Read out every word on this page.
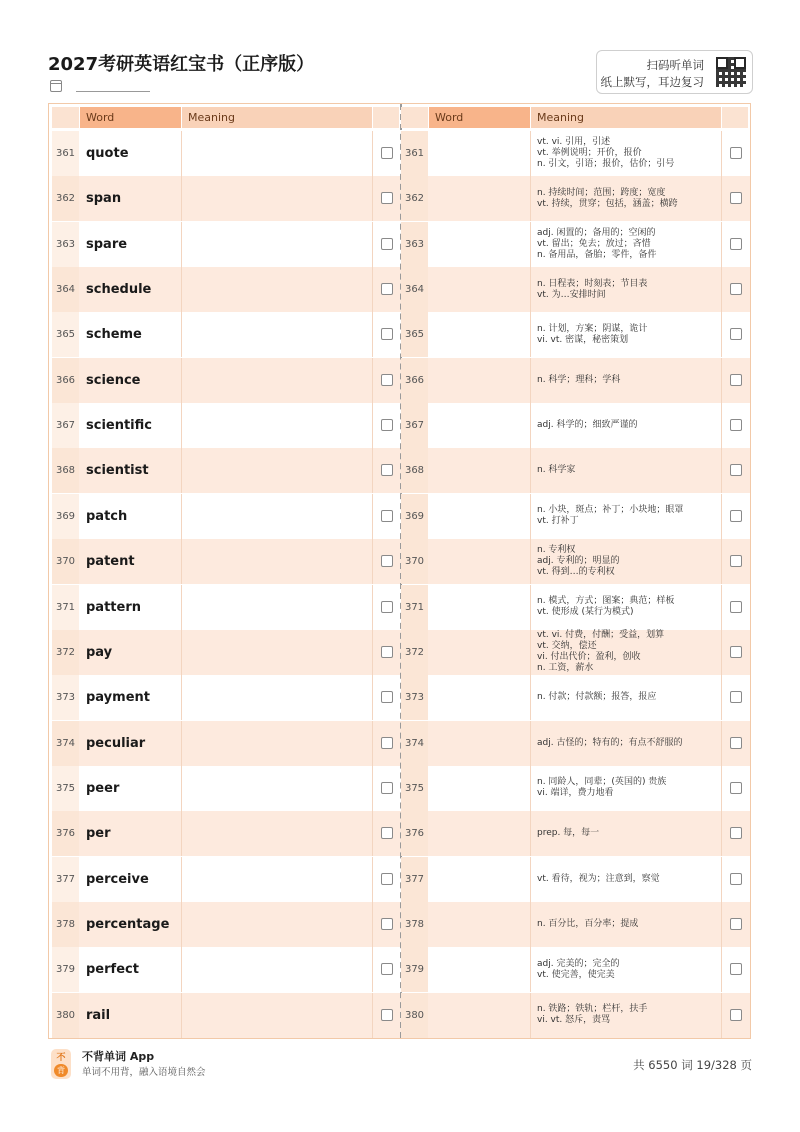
2027考研英语红宝书（正序版）	扫码听单词
纸上默写，耳边复习
Word	Meaning
361 quote
362 span
363 spare
364 schedule
365 scheme
366 science
367 scientific
368 scientist
369 patch
370 patent
371 pattern
372 pay
373 payment
374 peculiar
375 peer
376 per
377 perceive
378 percentage
379 perfect
380 rail
Word	Meaning
361
vt. vi. 引用，引述
vt. 举例说明；开价，报价
n. 引文，引语；报价，估价；引号
362
n. 持续时间；范围；跨度；宽度
vt. 持续，贯穿；包括，涵盖；横跨
363
adj. 闲置的；备用的；空闲的
vt. 留出；免去；放过；吝惜
n. 备用品，备胎；零件，备件
364
n. 日程表；时刻表；节目表
vt. 为…安排时间
365
n. 计划，方案；阴谋，诡计
vi. vt. 密谋，秘密策划
366	n. 科学；理科；学科
367	adj. 科学的；细致严谨的
368	n. 科学家
369
n. 小块，斑点；补丁；小块地；眼罩
vt. 打补丁
370
n. 专利权
adj. 专利的；明显的
vt. 得到…的专利权
371
n. 模式，方式；图案；典范；样板
vt. 使形成 (某行为模式)
372
vt. vi. 付费，付酬；受益，划算
vt. 交纳，偿还
vi. 付出代价；盈利，创收
n. 工资，薪水
373	n. 付款；付款额；报答，报应
374	adj. 古怪的；特有的；有点不舒服的
375
n. 同龄人，同辈；(英国的) 贵族
vi. 端详，费力地看
376	prep. 每，每一
377	vt. 看待，视为；注意到，察觉
378	n. 百分比，百分率；提成
379
adj. 完美的；完全的
vt. 使完善，使完美
380
n. 铁路；铁轨；栏杆，扶手
vi. vt. 怒斥，责骂
不
背
不背单词 App
单词不用背，融入语境自然会
共 6550 词 19/328 页
